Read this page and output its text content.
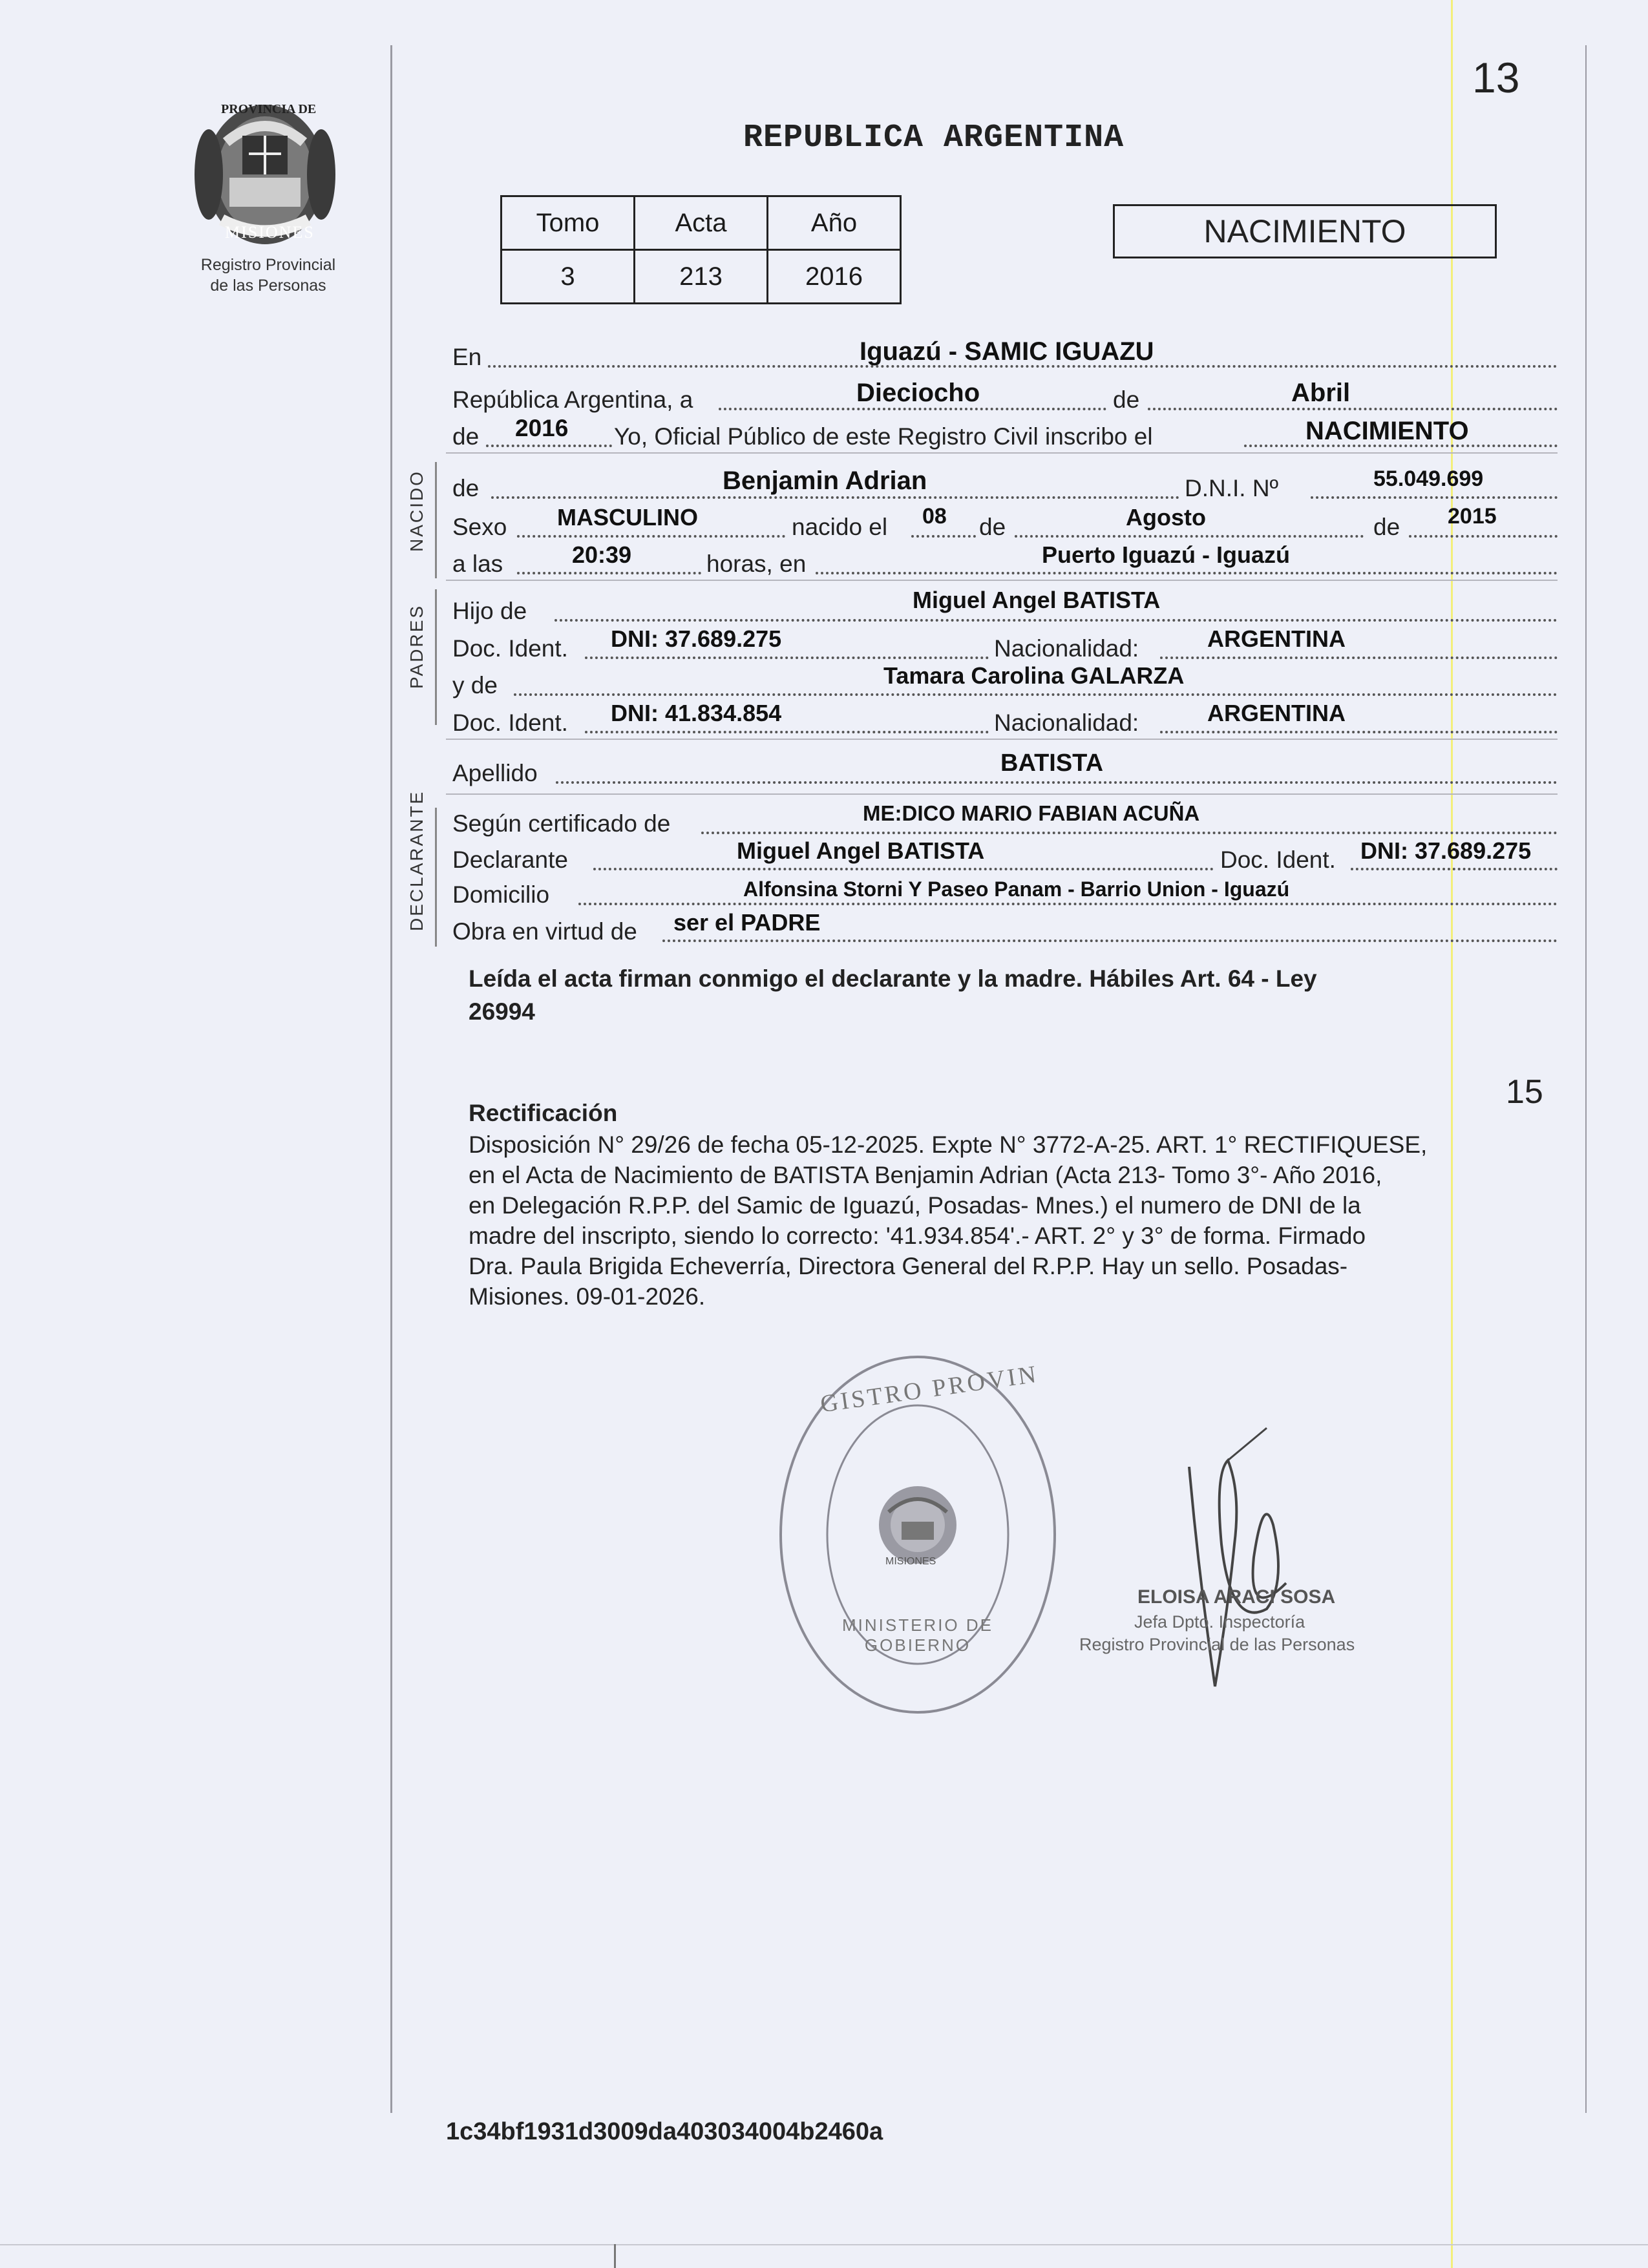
13
PROVINCIA DE
MISIONES
Registro Provincial
de las Personas
REPUBLICA ARGENTINA
Tomo	Acta	Año
3	213	2016
NACIMIENTO
En	Iguazú - SAMIC IGUAZU
República Argentina, a	Dieciocho	de	Abril
de 2016 Yo, Oficial Público de este Registro Civil inscribo el	NACIMIENTO
NACIDO de	Benjamin Adrian	D.N.I. Nº	55.049.699
Sexo MASCULINO	nacido el 08 de	Agosto	de 2015
a las	20:39	horas, en	Puerto Iguazú - Iguazú
PADRES Hijo de	Miguel Angel BATISTA
Doc. Ident. DNI: 37.689.275	Nacionalidad:	ARGENTINA
y de	Tamara Carolina GALARZA
Doc. Ident. DNI: 41.834.854	Nacionalidad:	ARGENTINA
Apellido	BATISTA
DECLARANTE Según certificado de	ME:DICO MARIO FABIAN ACUÑA
Declarante	Miguel Angel BATISTA	Doc. Ident. DNI: 37.689.275
Domicilio	Alfonsina Storni Y Paseo Panam - Barrio Union - Iguazú
Obra en virtud de ser el PADRE
Leída el acta firman conmigo el declarante y la madre. Hábiles Art. 64 - Ley
26994
15
Rectificación
Disposición N° 29/26 de fecha 05-12-2025. Expte N° 3772-A-25. ART. 1° RECTIFIQUESE,
en el Acta de Nacimiento de BATISTA Benjamin Adrian (Acta 213- Tomo 3°- Año 2016,
en Delegación R.P.P. del Samic de Iguazú, Posadas- Mnes.) el numero de DNI de la
madre del inscripto, siendo lo correcto: '41.934.854'.- ART. 2° y 3° de forma. Firmado
Dra. Paula Brigida Echeverría, Directora General del R.P.P. Hay un sello. Posadas-
Misiones. 09-01-2026.
GISTRO PROVIN
MINISTERIO DE GOBIERNO
MISIONES
ELOISA ARACI SOSA
Jefa Dpto. Inspectoría
Registro Provincial de las Personas
1c34bf1931d3009da403034004b2460a
